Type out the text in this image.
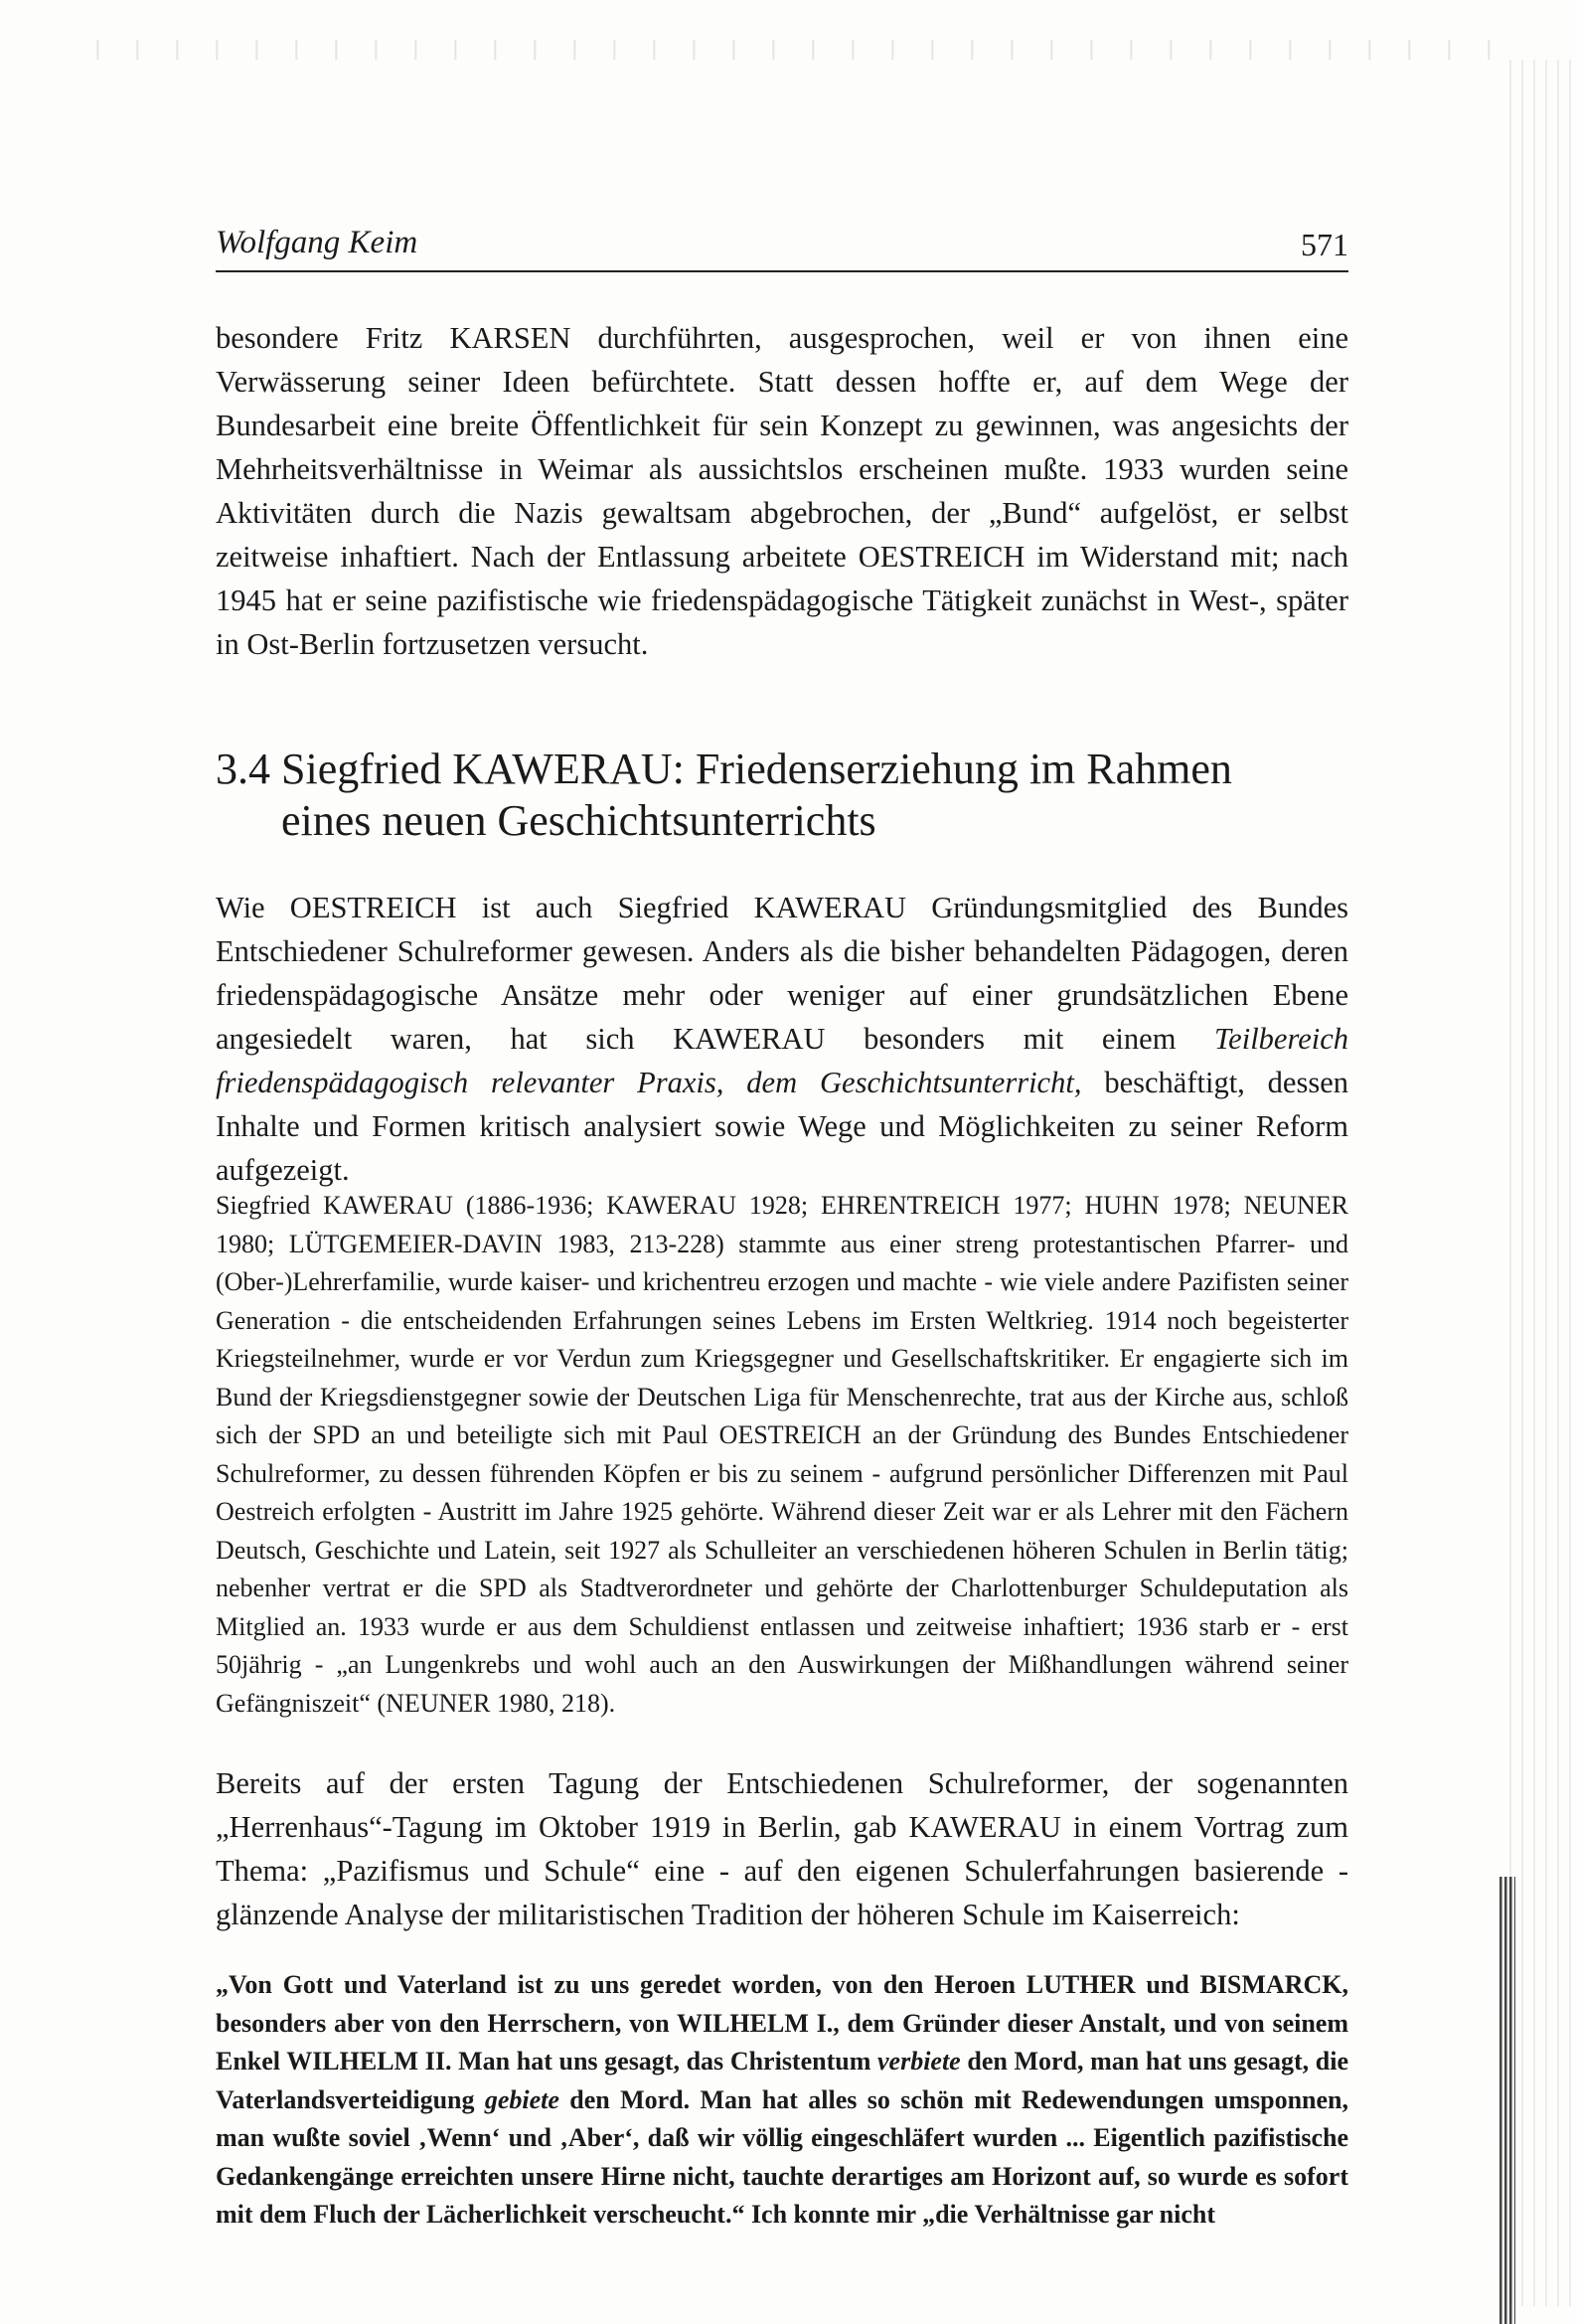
Wolfgang Keim	571

besondere Fritz KARSEN durchführten, ausgesprochen, weil er von ihnen eine Verwässerung seiner Ideen befürchtete. Statt dessen hoffte er, auf dem Wege der Bundesarbeit eine breite Öffentlichkeit für sein Konzept zu gewinnen, was angesichts der Mehrheitsverhältnisse in Weimar als aussichtslos erscheinen mußte. 1933 wurden seine Aktivitäten durch die Nazis gewaltsam abgebrochen, der „Bund“ aufgelöst, er selbst zeitweise inhaftiert. Nach der Entlassung arbeitete OESTREICH im Widerstand mit; nach 1945 hat er seine pazifistische wie friedenspädagogische Tätigkeit zunächst in West-, später in Ost-Berlin fortzusetzen versucht.

3.4 Siegfried KAWERAU: Friedenserziehung im Rahmen
eines neuen Geschichtsunterrichts

Wie OESTREICH ist auch Siegfried KAWERAU Gründungsmitglied des Bundes Entschiedener Schulreformer gewesen. Anders als die bisher behandelten Pädagogen, deren friedenspädagogische Ansätze mehr oder weniger auf einer grundsätzlichen Ebene angesiedelt waren, hat sich KAWERAU besonders mit einem Teilbereich friedenspädagogisch relevanter Praxis, dem Geschichtsunterricht, beschäftigt, dessen Inhalte und Formen kritisch analysiert sowie Wege und Möglichkeiten zu seiner Reform aufgezeigt.

Siegfried KAWERAU (1886-1936; KAWERAU 1928; EHRENTREICH 1977; HUHN 1978; NEUNER 1980; LÜTGEMEIER-DAVIN 1983, 213-228) stammte aus einer streng protestantischen Pfarrer- und (Ober-)Lehrerfamilie, wurde kaiser- und krichentreu erzogen und machte - wie viele andere Pazifisten seiner Generation - die entscheidenden Erfahrungen seines Lebens im Ersten Weltkrieg. 1914 noch begeisterter Kriegsteilnehmer, wurde er vor Verdun zum Kriegsgegner und Gesellschaftskritiker. Er engagierte sich im Bund der Kriegsdienstgegner sowie der Deutschen Liga für Menschenrechte, trat aus der Kirche aus, schloß sich der SPD an und beteiligte sich mit Paul OESTREICH an der Gründung des Bundes Entschiedener Schulreformer, zu dessen führenden Köpfen er bis zu seinem - aufgrund persönlicher Differenzen mit Paul Oestreich erfolgten - Austritt im Jahre 1925 gehörte. Während dieser Zeit war er als Lehrer mit den Fächern Deutsch, Geschichte und Latein, seit 1927 als Schulleiter an verschiedenen höheren Schulen in Berlin tätig; nebenher vertrat er die SPD als Stadtverordneter und gehörte der Charlottenburger Schuldeputation als Mitglied an. 1933 wurde er aus dem Schuldienst entlassen und zeitweise inhaftiert; 1936 starb er - erst 50jährig - „an Lungenkrebs und wohl auch an den Auswirkungen der Mißhandlungen während seiner Gefängniszeit“ (NEUNER 1980, 218).

Bereits auf der ersten Tagung der Entschiedenen Schulreformer, der sogenannten „Herrenhaus“-Tagung im Oktober 1919 in Berlin, gab KAWERAU in einem Vortrag zum Thema: „Pazifismus und Schule“ eine - auf den eigenen Schulerfahrungen basierende - glänzende Analyse der militaristischen Tradition der höheren Schule im Kaiserreich:

„Von Gott und Vaterland ist zu uns geredet worden, von den Heroen LUTHER und BISMARCK, besonders aber von den Herrschern, von WILHELM I., dem Gründer dieser Anstalt, und von seinem Enkel WILHELM II. Man hat uns gesagt, das Christentum verbiete den Mord, man hat uns gesagt, die Vaterlandsverteidigung gebiete den Mord. Man hat alles so schön mit Redewendungen umsponnen, man wußte soviel ‚Wenn‘ und ‚Aber‘, daß wir völlig eingeschläfert wurden ... Eigentlich pazifistische Gedankengänge erreichten unsere Hirne nicht, tauchte derartiges am Horizont auf, so wurde es sofort mit dem Fluch der Lächerlichkeit verscheucht.“ Ich konnte mir „die Verhältnisse gar nicht
